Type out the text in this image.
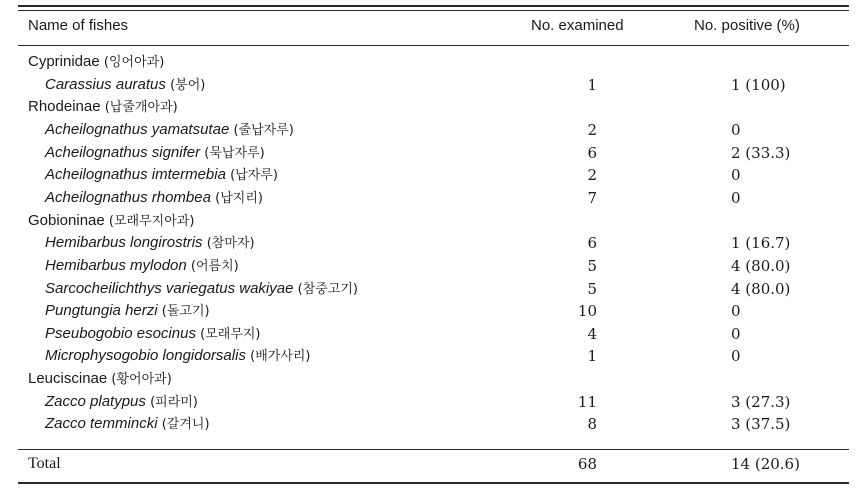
Name of fishes	No. examined	No. positive (%)
Cyprinidae (잉어아과)
Carassius auratus (붕어)	1	1 (100)
Rhodeinae (납줄개아과)
Acheilognathus yamatsutae (줄납자루)	2	0
Acheilognathus signifer (묵납자루)	6	2 (33.3)
Acheilognathus imtermebia (납자루)	2	0
Acheilognathus rhombea (납지리)	7	0
Gobioninae (모래무지아과)
Hemibarbus longirostris (참마자)	6	1 (16.7)
Hemibarbus mylodon (어름치)	5	4 (80.0)
Sarcocheilichthys variegatus wakiyae (참중고기)	5	4 (80.0)
Pungtungia herzi (돌고기)	10	0
Pseubogobio esocinus (모래무지)	4	0
Microphysogobio longidorsalis (배가사리)	1	0
Leuciscinae (황어아과)
Zacco platypus (피라미)	11	3 (27.3)
Zacco temmincki (갈겨니)	8	3 (37.5)
Total	68	14 (20.6)
